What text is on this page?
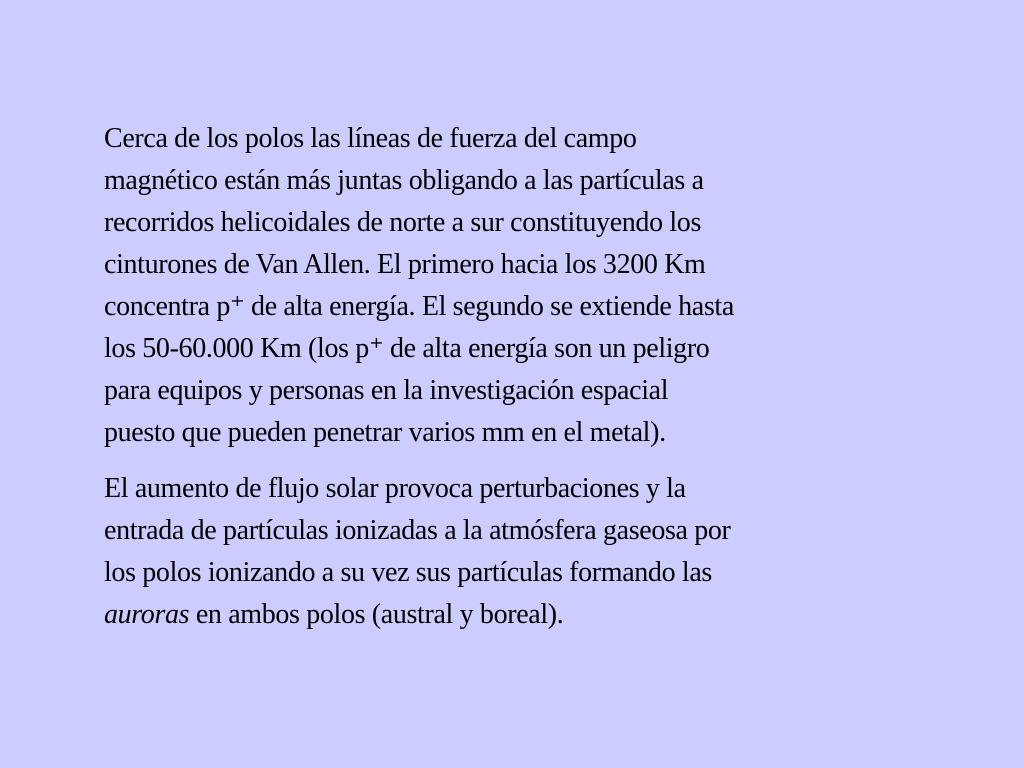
Cerca de los polos las líneas de fuerza del campo
magnético están más juntas obligando a las partículas a
recorridos helicoidales de norte a sur constituyendo los
cinturones de Van Allen. El primero hacia los 3200 Km
concentra p⁺ de alta energía. El segundo se extiende hasta
los 50-60.000 Km (los p⁺ de alta energía son un peligro
para equipos y personas en la investigación espacial
puesto que pueden penetrar varios mm en el metal).

El aumento de flujo solar provoca perturbaciones y la
entrada de partículas ionizadas a la atmósfera gaseosa por
los polos ionizando a su vez sus partículas formando las
auroras en ambos polos (austral y boreal).
